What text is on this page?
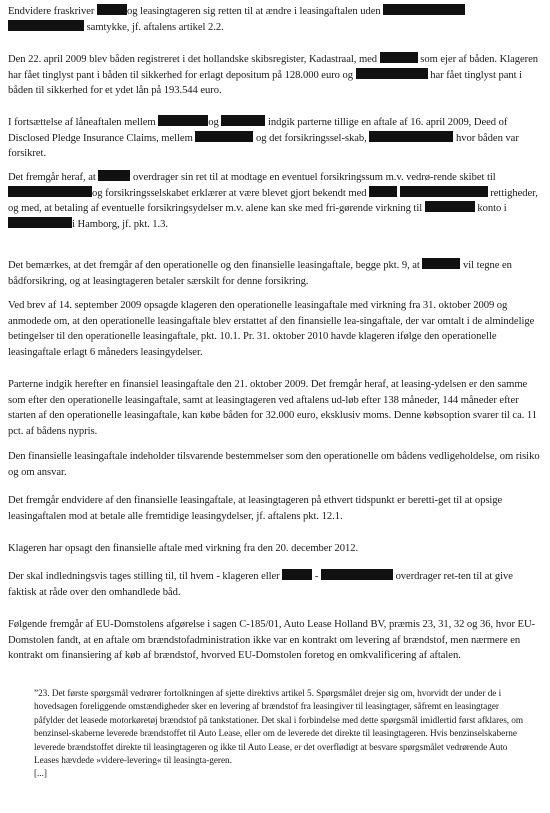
Endvidere fraskriver	og leasingtageren sig retten til at ændre i leasingaftalen uden
samtykke, jf. aftalens artikel 2.2.

Den 22. april 2009 blev båden registreret i det hollandske skibsregister, Kadastraal, med	som ejer af båden. Klageren har fået tinglyst pant i båden til sikkerhed for erlagt depositum på 128.000 euro og	har fået tinglyst pant i båden til sikkerhed for et ydet lån på 193.544 euro.

I fortsættelse af låneaftalen mellem	og	indgik parterne tillige en aftale af 16. april 2009, Deed of Disclosed Pledge Insurance Claims, mellem	og det forsikringssel-skab,	hvor båden var forsikret.

Det fremgår heraf, at	overdrager sin ret til at modtage en eventuel forsikringssum m.v. vedrø-rende skibet til og forsikringsselskabet erklærer at være blevet gjort bekendt med	rettigheder, og med, at betaling af eventuelle forsikringsydelser m.v. alene kan ske med fri-gørende virkning til	konto i i Hamborg, jf. pkt. 1.3.

Det bemærkes, at det fremgår af den operationelle og den finansielle leasingaftale, begge pkt. 9, at	vil tegne en bådforsikring, og at leasingtageren betaler særskilt for denne forsikring.

Ved brev af 14. september 2009 opsagde klageren den operationelle leasingaftale med virkning fra 31. oktober 2009 og anmodede om, at den operationelle leasingaftale blev erstattet af den finansielle lea-singaftale, der var omtalt i de almindelige betingelser til den operationelle leasingaftale, pkt. 10.1. Pr. 31. oktober 2010 havde klageren ifølge den operationelle leasingaftale erlagt 6 måneders leasingydelser.

Parterne indgik herefter en finansiel leasingaftale den 21. oktober 2009. Det fremgår heraf, at leasing-ydelsen er den samme som efter den operationelle leasingaftale, samt at leasingtageren ved aftalens ud-løb efter 138 måneder, 144 måneder efter starten af den operationelle leasingaftale, kan købe båden for 32.000 euro, eksklusiv moms. Denne købsoption svarer til ca. 11 pct. af bådens nypris.

Den finansielle leasingaftale indeholder tilsvarende bestemmelser som den operationelle om bådens vedligeholdelse, om risiko og om ansvar.

Det fremgår endvidere af den finansielle leasingaftale, at leasingtageren på ethvert tidspunkt er beretti-get til at opsige leasingaftalen mod at betale alle fremtidige leasingydelser, jf. aftalens pkt. 12.1.

Klageren har opsagt den finansielle aftale med virkning fra den 20. december 2012.

Der skal indledningsvis tages stilling til, til hvem - klageren eller	-	overdrager ret-ten til at give faktisk at råde over den omhandlede båd.

Følgende fremgår af EU-Domstolens afgørelse i sagen C-185/01, Auto Lease Holland BV, præmis 23, 31, 32 og 36, hvor EU-Domstolen fandt, at en aftale om brændstofadministration ikke var en kontrakt om levering af brændstof, men nærmere en kontrakt om finansiering af køb af brændstof, hvorved EU-Domstolen foretog en omkvalificering af aftalen.

”23. Det første spørgsmål vedrører fortolkningen af sjette direktivs artikel 5. Spørgsmålet drejer sig om, hvorvidt der under de i hovedsagen foreliggende omstændigheder sker en levering af brændstof fra leasingiver til leasingtager, såfremt en leasingtager påfylder det leasede motorkøretøj brændstof på tankstationer. Det skal i forbindelse med dette spørgsmål imidlertid først afklares, om benzinsel-skaberne leverede brændstoffet til Auto Lease, eller om de leverede det direkte til leasingtageren. Hvis benzinselskaberne leverede brændstoffet direkte til leasingtageren og ikke til Auto Lease, er det overflødigt at besvare spørgsmålet vedrørende Auto Leases hævdede »videre-levering« til leasingta-geren.
[...]
